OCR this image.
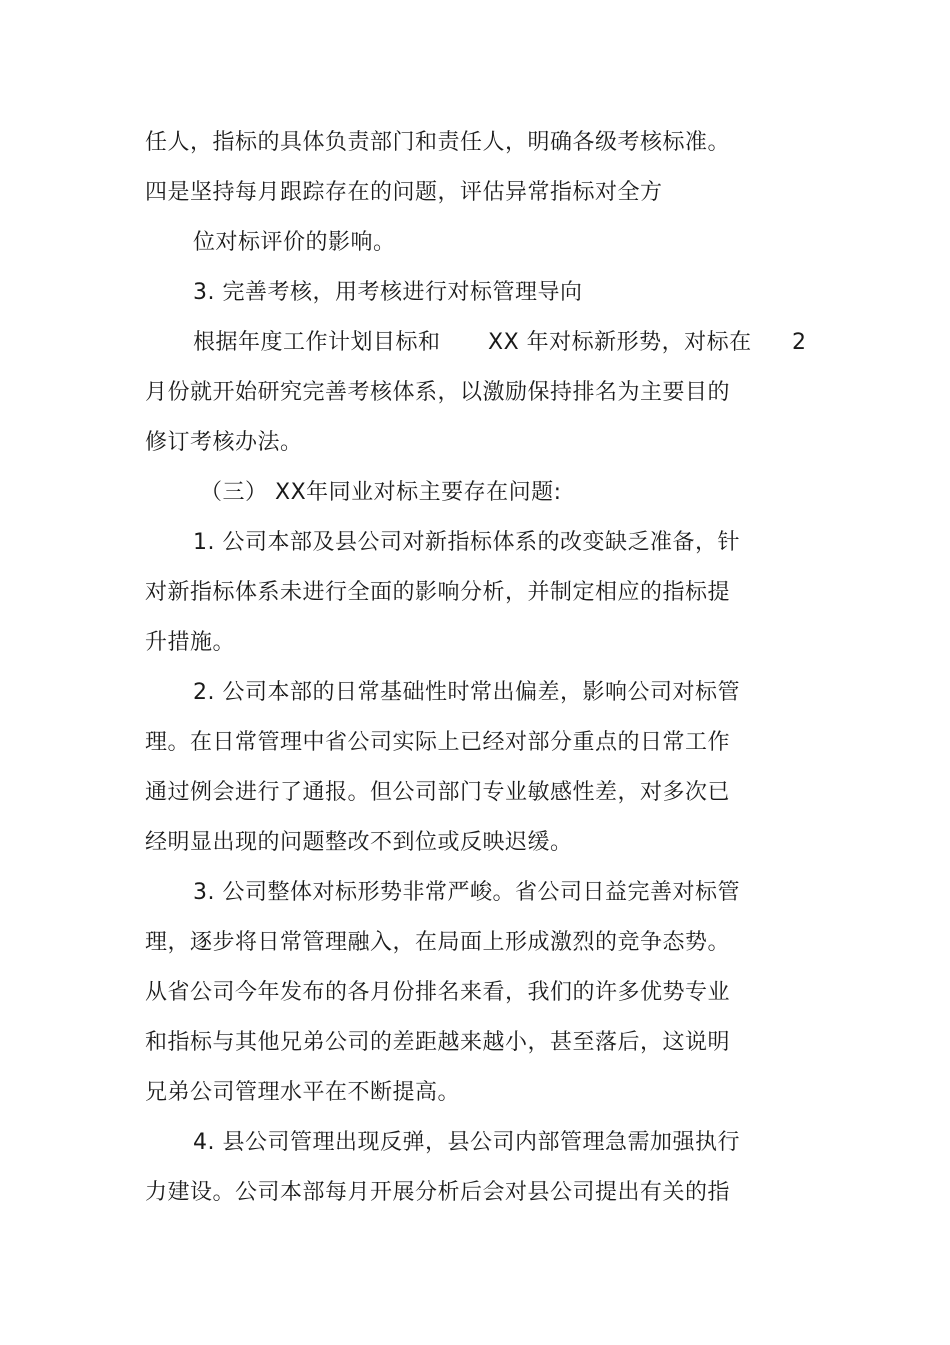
任人，指标的具体负责部门和责任人，明确各级考核标准。
四是坚持每月跟踪存在的问题，评估异常指标对全方
位对标评价的影响。
3. 完善考核，用考核进行对标管理导向
根据年度工作计划目标和 XX 年对标新形势，对标在 2
月份就开始研究完善考核体系，以激励保持排名为主要目的
修订考核办法。
（三） XX年同业对标主要存在问题:
1. 公司本部及县公司对新指标体系的改变缺乏准备，针
对新指标体系未进行全面的影响分析，并制定相应的指标提
升措施。
2. 公司本部的日常基础性时常出偏差，影响公司对标管
理。在日常管理中省公司实际上已经对部分重点的日常工作
通过例会进行了通报。但公司部门专业敏感性差，对多次已
经明显出现的问题整改不到位或反映迟缓。
3. 公司整体对标形势非常严峻。省公司日益完善对标管
理，逐步将日常管理融入，在局面上形成激烈的竞争态势。
从省公司今年发布的各月份排名来看，我们的许多优势专业
和指标与其他兄弟公司的差距越来越小，甚至落后，这说明
兄弟公司管理水平在不断提高。
4. 县公司管理出现反弹，县公司内部管理急需加强执行
力建设。公司本部每月开展分析后会对县公司提出有关的指
